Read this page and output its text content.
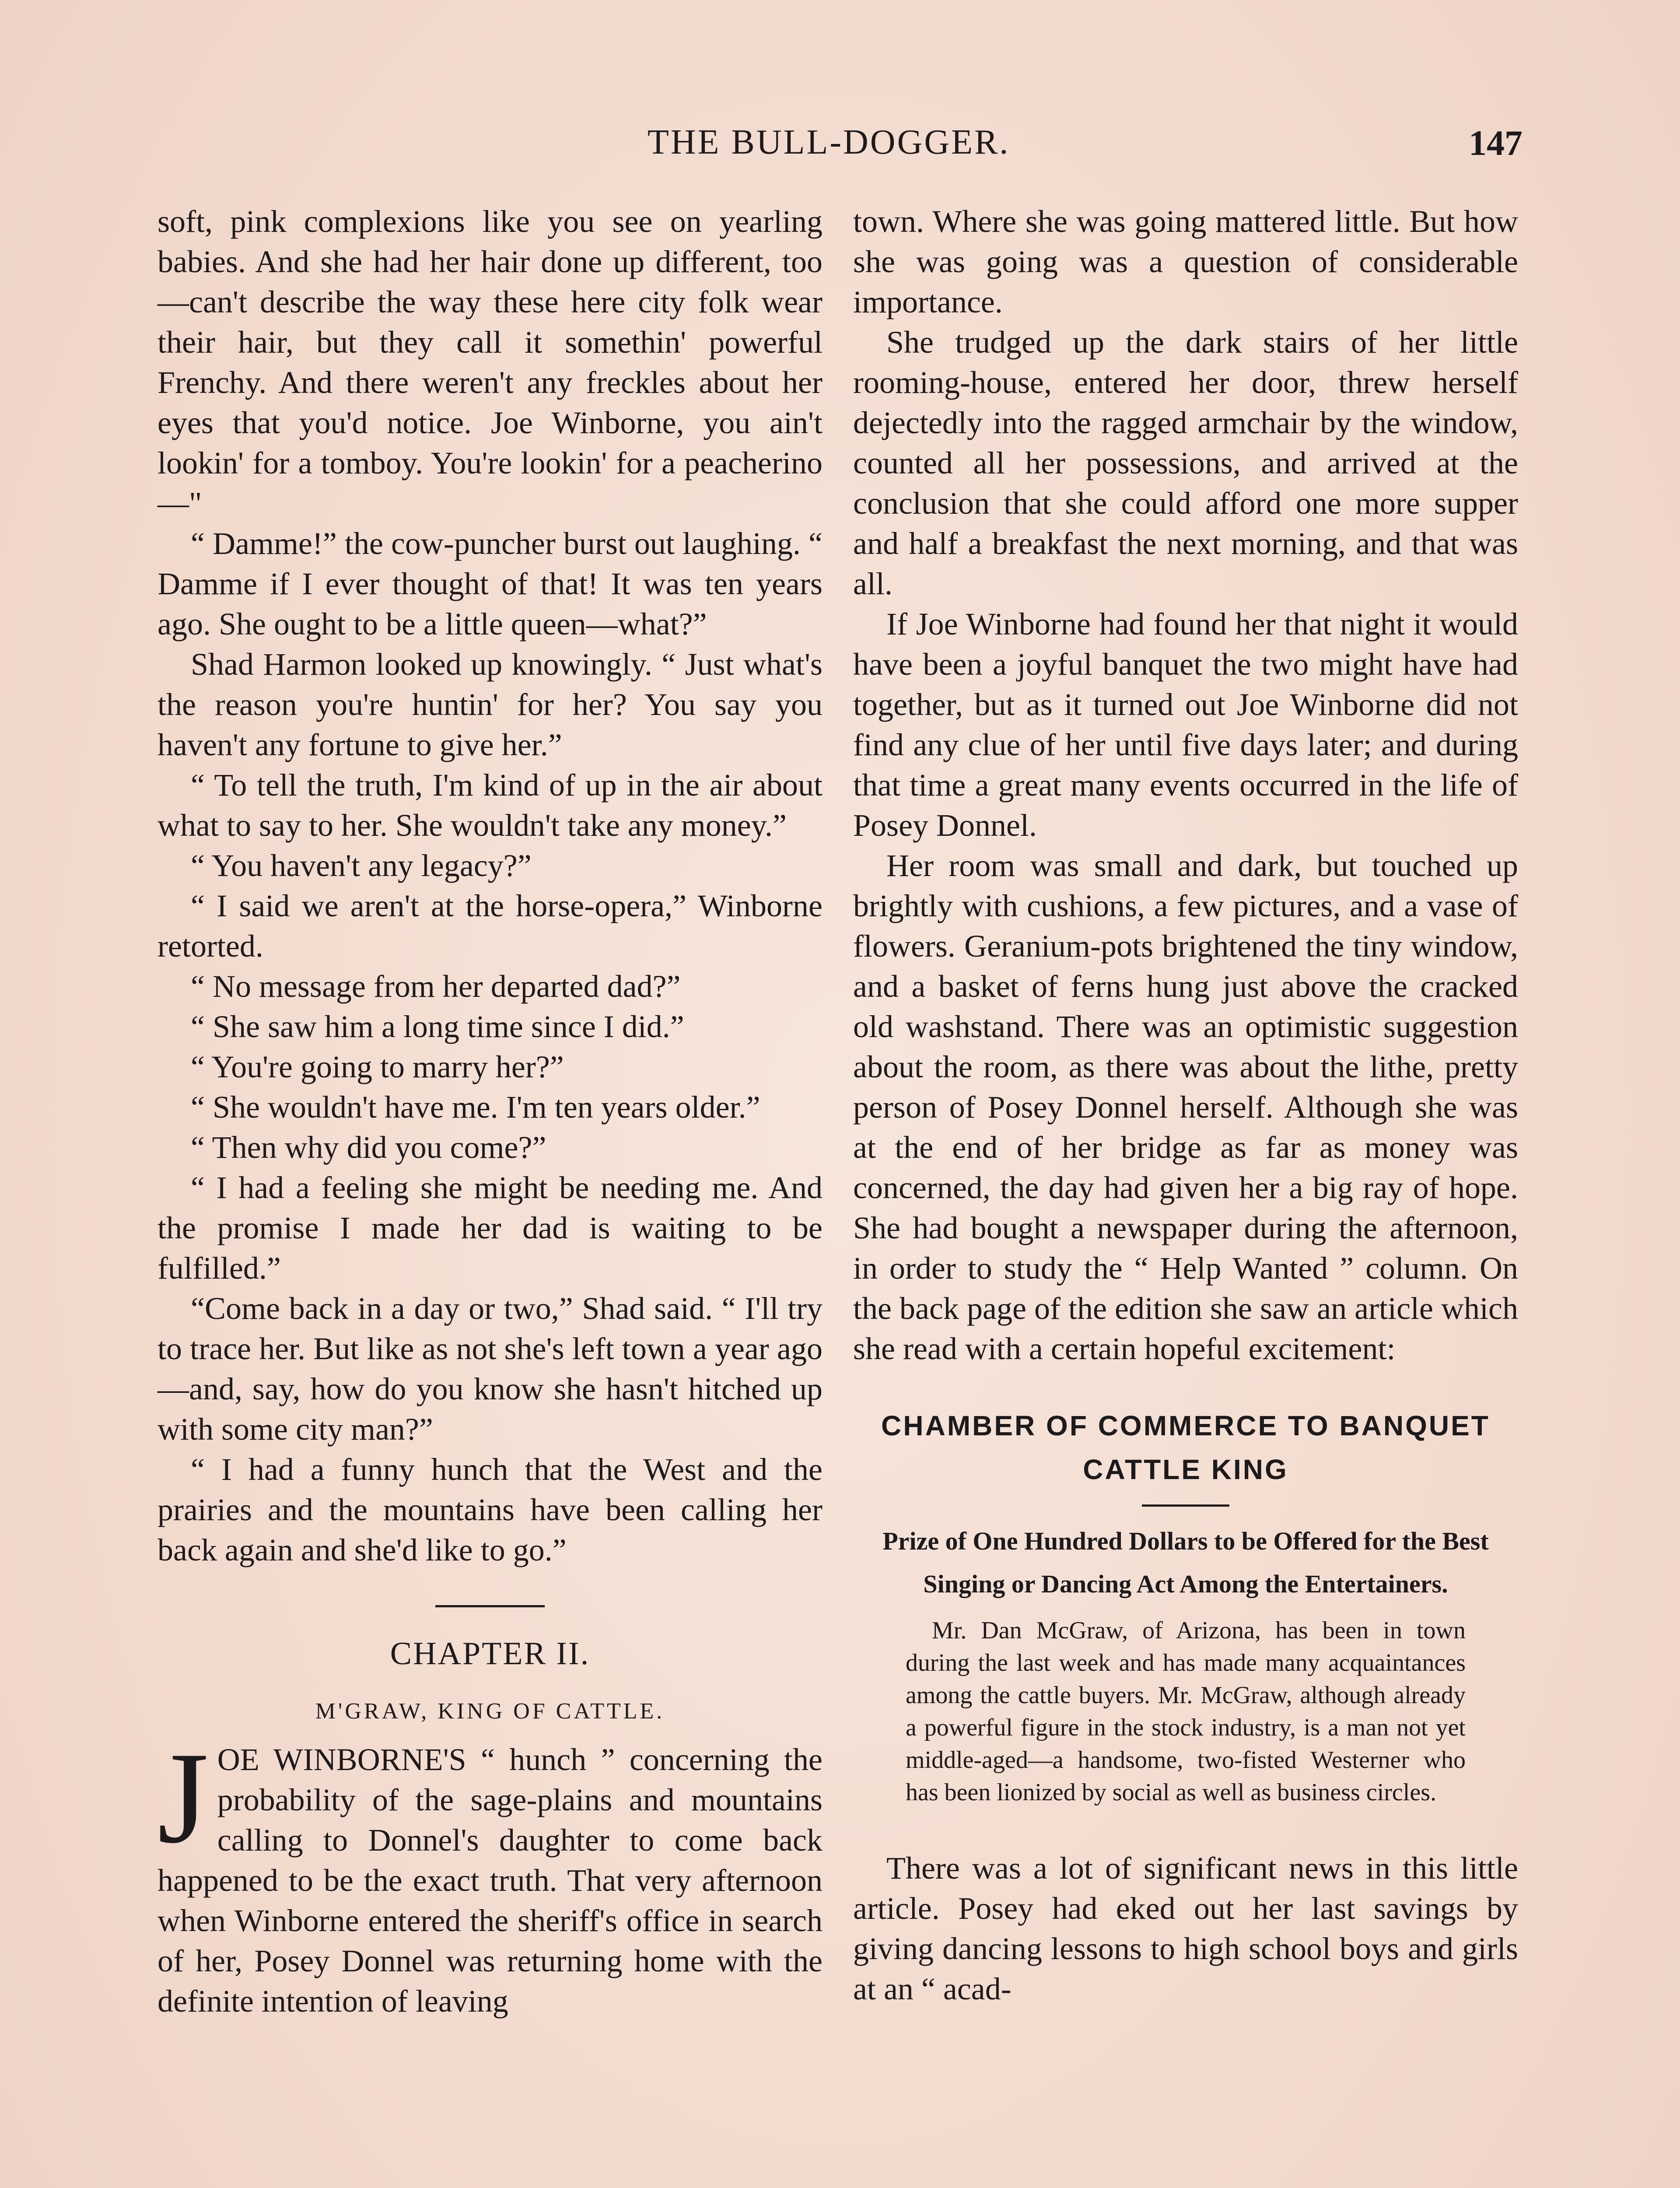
THE BULL-DOGGER.	147

soft, pink complexions like you see on yearling babies. And she had her hair done up different, too—can't describe the way these here city folk wear their hair, but they call it somethin' powerful Frenchy. And there weren't any freckles about her eyes that you'd notice. Joe Winborne, you ain't lookin' for a tomboy. You're lookin' for a peacherino—"

“ Damme!” the cow-puncher burst out laughing. “ Damme if I ever thought of that! It was ten years ago. She ought to be a little queen—what?”

Shad Harmon looked up knowingly. “ Just what's the reason you're huntin' for her? You say you haven't any fortune to give her.”

“ To tell the truth, I'm kind of up in the air about what to say to her. She wouldn't take any money.”

“ You haven't any legacy?”

“ I said we aren't at the horse-opera,” Winborne retorted.

“ No message from her departed dad?”

“ She saw him a long time since I did.”

“ You're going to marry her?”

“ She wouldn't have me. I'm ten years older.”

“ Then why did you come?”

“ I had a feeling she might be needing me. And the promise I made her dad is waiting to be fulfilled.”

“Come back in a day or two,” Shad said. “ I'll try to trace her. But like as not she's left town a year ago—and, say, how do you know she hasn't hitched up with some city man?”

“ I had a funny hunch that the West and the prairies and the mountains have been calling her back again and she'd like to go.”

CHAPTER II.
M'GRAW, KING OF CATTLE.

JOE WINBORNE'S “ hunch ” concerning the probability of the sage-plains and mountains calling to Donnel's daughter to come back happened to be the exact truth. That very afternoon when Winborne entered the sheriff's office in search of her, Posey Donnel was returning home with the definite intention of leaving

town. Where she was going mattered little. But how she was going was a question of considerable importance.

She trudged up the dark stairs of her little rooming-house, entered her door, threw herself dejectedly into the ragged armchair by the window, counted all her possessions, and arrived at the conclusion that she could afford one more supper and half a breakfast the next morning, and that was all.

If Joe Winborne had found her that night it would have been a joyful banquet the two might have had together, but as it turned out Joe Winborne did not find any clue of her until five days later; and during that time a great many events occurred in the life of Posey Donnel.

Her room was small and dark, but touched up brightly with cushions, a few pictures, and a vase of flowers. Geranium-pots brightened the tiny window, and a basket of ferns hung just above the cracked old washstand. There was an optimistic suggestion about the room, as there was about the lithe, pretty person of Posey Donnel herself. Although she was at the end of her bridge as far as money was concerned, the day had given her a big ray of hope. She had bought a newspaper during the afternoon, in order to study the “ Help Wanted ” column. On the back page of the edition she saw an article which she read with a certain hopeful excitement:

CHAMBER OF COMMERCE TO BANQUET CATTLE KING
Prize of One Hundred Dollars to be Offered for the Best Singing or Dancing Act Among the Entertainers.

Mr. Dan McGraw, of Arizona, has been in town during the last week and has made many acquaintances among the cattle buyers. Mr. McGraw, although already a powerful figure in the stock industry, is a man not yet middle-aged—a handsome, two-fisted Westerner who has been lionized by social as well as business circles.

There was a lot of significant news in this little article. Posey had eked out her last savings by giving dancing lessons to high school boys and girls at an “ acad-
